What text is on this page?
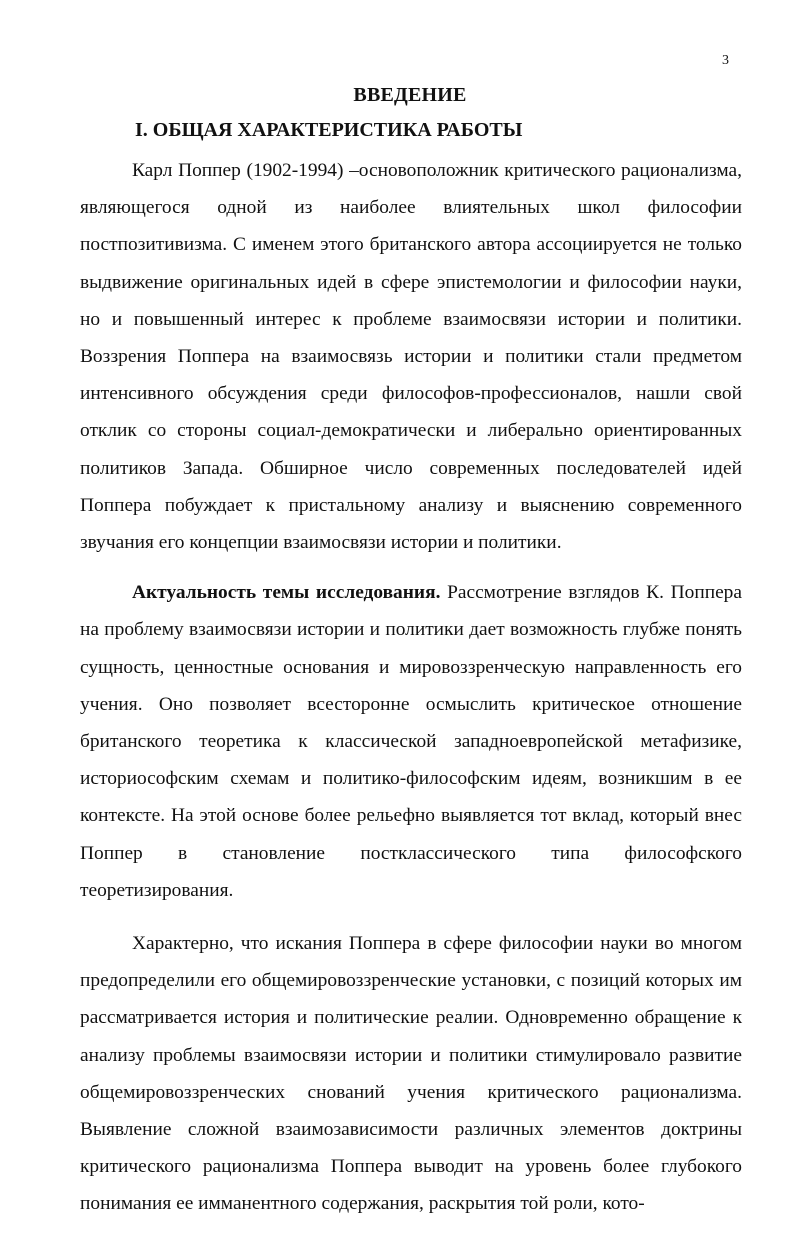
3
ВВЕДЕНИЕ
I. ОБЩАЯ ХАРАКТЕРИСТИКА РАБОТЫ

Карл Поппер (1902-1994) –основоположник критического рационализма, являющегося одной из наиболее влиятельных школ философии постпозитивизма. С именем этого британского автора ассоциируется не только выдвижение оригинальных идей в сфере эпистемологии и философии науки, но и повышенный интерес к проблеме взаимосвязи истории и политики. Воззрения Поппера на взаимосвязь истории и политики стали предметом интенсивного обсуждения среди философов-профессионалов, нашли свой отклик со стороны социал-демократически и либерально ориентированных политиков Запада. Обширное число современных последователей идей Поппера побуждает к пристальному анализу и выяснению современного звучания его концепции взаимосвязи истории и политики.

Актуальность темы исследования. Рассмотрение взглядов К. Поппера на проблему взаимосвязи истории и политики дает возможность глубже понять сущность, ценностные основания и мировоззренческую направленность его учения. Оно позволяет всесторонне осмыслить критическое отношение британского теоретика к классической западноевропейской метафизике, историософским схемам и политико-философским идеям, возникшим в ее контексте. На этой основе более рельефно выявляется тот вклад, который внес Поппер в становление постклассического типа философского теоретизирования.

Характерно, что искания Поппера в сфере философии науки во многом предопределили его общемировоззренческие установки, с позиций которых им рассматривается история и политические реалии. Одновременно обращение к анализу проблемы взаимосвязи истории и политики стимулировало развитие общемировоззренческих снований учения критического рационализма. Выявление сложной взаимозависимости различных элементов доктрины критического рационализма Поппера выводит на уровень более глубокого понимания ее имманентного содержания, раскрытия той роли, кото-
